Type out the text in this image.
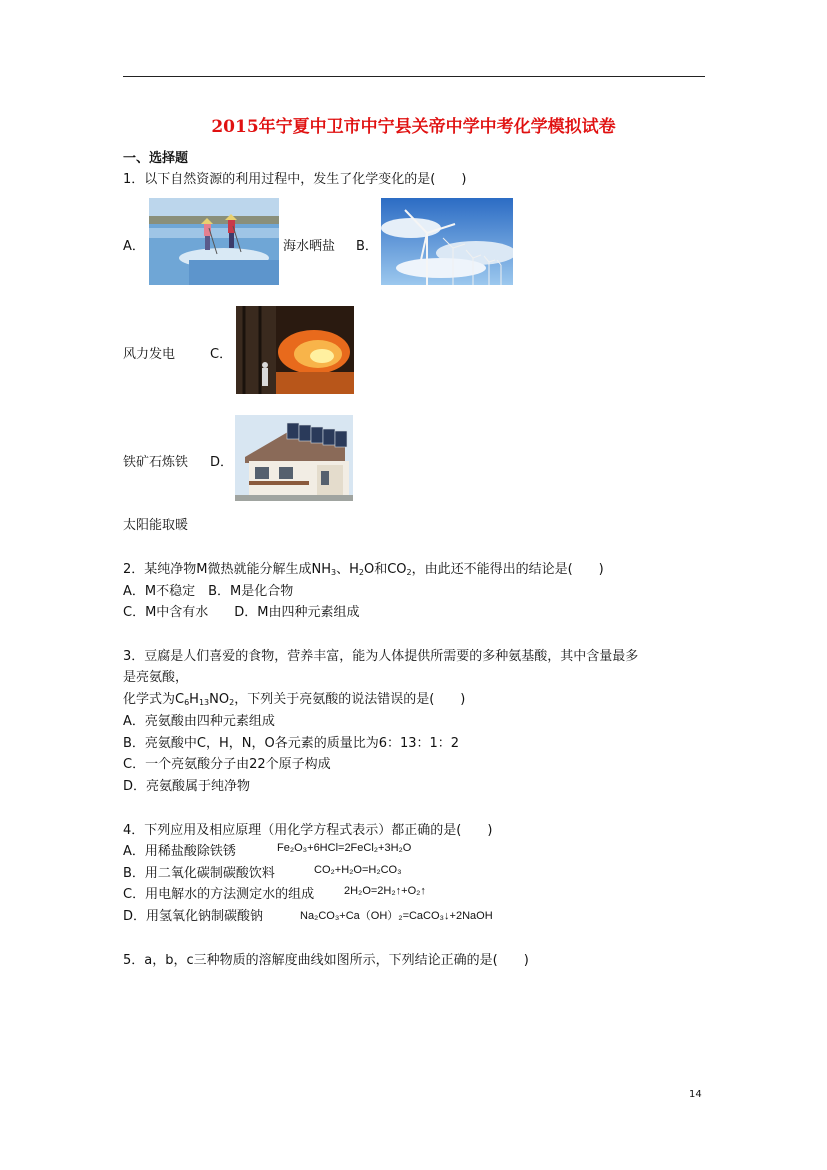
2015年宁夏中卫市中宁县关帝中学中考化学模拟试卷
一、选择题
1．以下自然资源的利用过程中，发生了化学变化的是(　　)
A．	海水晒盐 B．
风力发电	C．
铁矿石炼铁 D．
太阳能取暖
2．某纯净物M微热就能分解生成$NH_3$、$H_2O$和$CO_2$，由此还不能得出的结论是(　　)
A．M不稳定　B．M是化合物
C．M中含有水　　D．M由四种元素组成
3．豆腐是人们喜爱的食物，营养丰富，能为人体提供所需要的多种氨基酸，其中含量最多
是亮氨酸，
化学式为$C_6H_{13}NO_2$，下列关于亮氨酸的说法错误的是(　　)
A．亮氨酸由四种元素组成
B．亮氨酸中C，H，N，O各元素的质量比为6：13：1：2
C．一个亮氨酸分子由22个原子构成
D．亮氨酸属于纯净物
4．下列应用及相应原理（用化学方程式表示）都正确的是(　　)
A．用稀盐酸除铁锈	Fe₂O₃+6HCl=2FeCl₂+3H₂O
B．用二氧化碳制碳酸饮料	CO₂+H₂O=H₂CO₃
C．用电解水的方法测定水的组成	2H₂O=2H₂↑+O₂↑
D．用氢氧化钠制碳酸钠	Na₂CO₃+Ca（OH）₂=CaCO₃↓+2NaOH
5．a，b，c三种物质的溶解度曲线如图所示，下列结论正确的是(　　)
14
